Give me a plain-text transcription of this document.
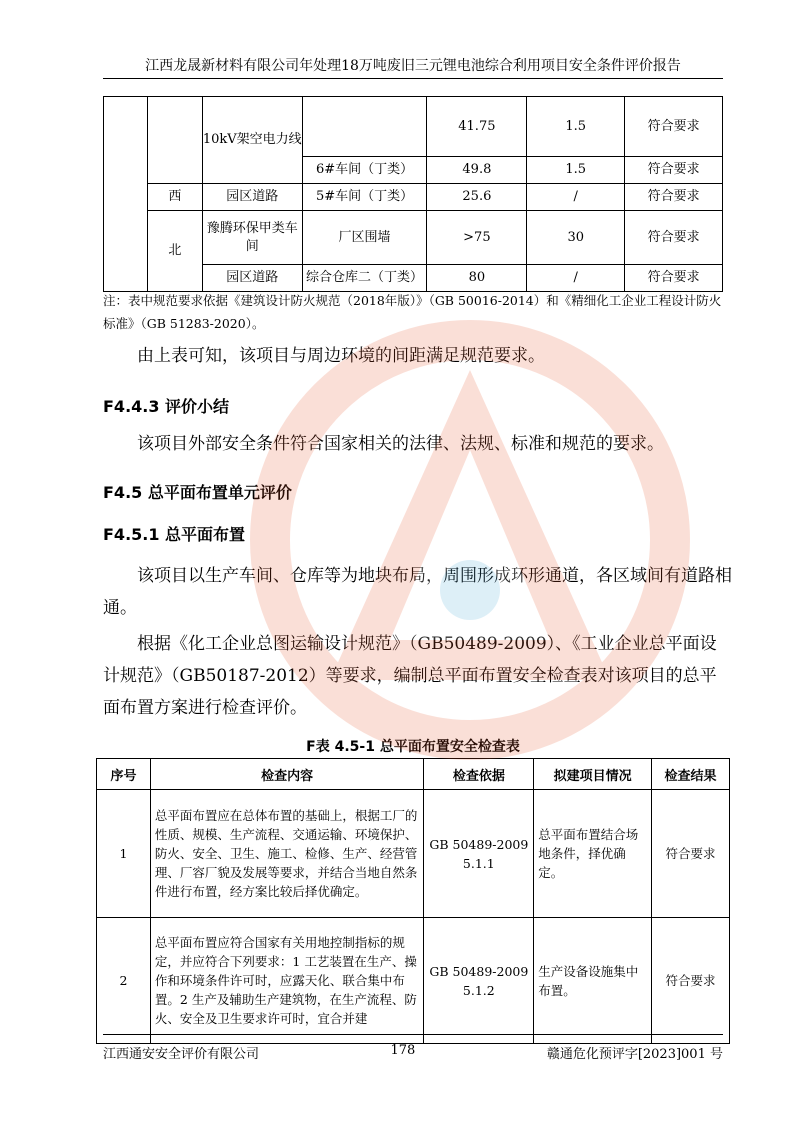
江西龙晟新材料有限公司年处理18万吨废旧三元锂电池综合利用项目安全条件评价报告
		10kV架空电力线		41.75	1.5	符合要求
			6#车间（丁类）	49.8	1.5	符合要求
	西	园区道路	5#车间（丁类）	25.6	/	符合要求
	北	豫腾环保甲类车间	厂区围墙	>75	30	符合要求
		园区道路	综合仓库二（丁类）	80	/	符合要求
注：表中规范要求依据《建筑设计防火规范（2018年版）》（GB 50016-2014）和《精细化工企业工程设计防火标准》（GB 51283-2020）。
由上表可知，该项目与周边环境的间距满足规范要求。
F4.4.3 评价小结
该项目外部安全条件符合国家相关的法律、法规、标准和规范的要求。
F4.5 总平面布置单元评价
F4.5.1 总平面布置
该项目以生产车间、仓库等为地块布局，周围形成环形通道，各区域间有道路相通。
根据《化工企业总图运输设计规范》（GB50489-2009）、《工业企业总平面设计规范》（GB50187-2012）等要求，编制总平面布置安全检查表对该项目的总平面布置方案进行检查评价。
F表 4.5-1 总平面布置安全检查表
序号	检查内容	检查依据	拟建项目情况	检查结果
1	总平面布置应在总体布置的基础上，根据工厂的性质、规模、生产流程、交通运输、环境保护、防火、安全、卫生、施工、检修、生产、经营管理、厂容厂貌及发展等要求，并结合当地自然条件进行布置，经方案比较后择优确定。	GB 50489-2009 5.1.1	总平面布置结合场地条件，择优确定。	符合要求
2	总平面布置应符合国家有关用地控制指标的规定，并应符合下列要求：1 工艺装置在生产、操作和环境条件许可时，应露天化、联合集中布置。2 生产及辅助生产建筑物，在生产流程、防火、安全及卫生要求许可时，宜合并建	GB 50489-2009 5.1.2	生产设备设施集中布置。	符合要求
江西通安安全评价有限公司	178	赣通危化预评字[2023]001 号
